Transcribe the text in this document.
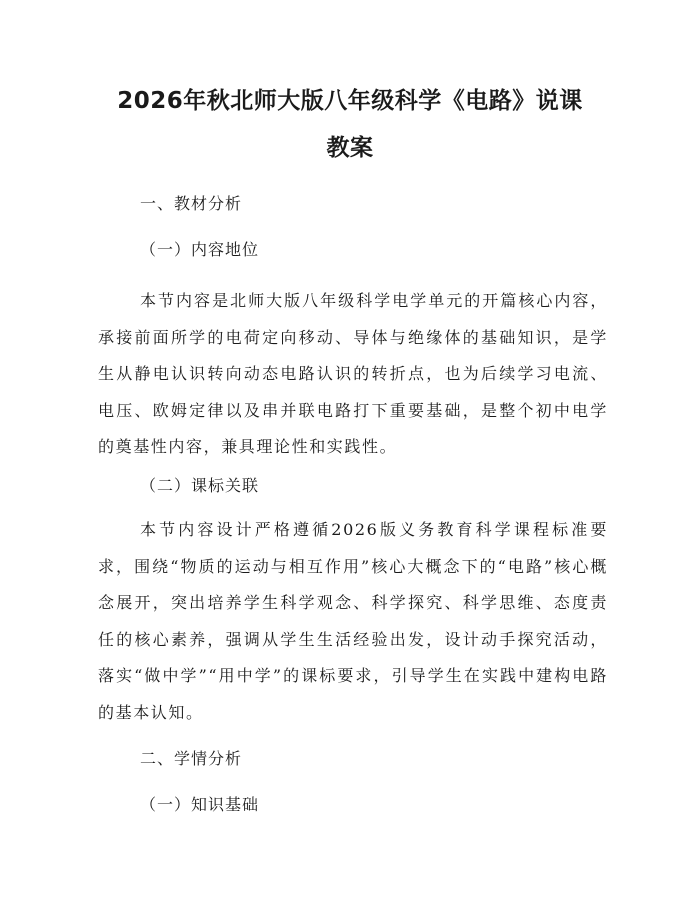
2026年秋北师大版八年级科学《电路》说课
教案
一、教材分析
（一）内容地位
本节内容是北师大版八年级科学电学单元的开篇核心内容，承接前面所学的电荷定向移动、导体与绝缘体的基础知识，是学生从静电认识转向动态电路认识的转折点，也为后续学习电流、电压、欧姆定律以及串并联电路打下重要基础，是整个初中电学的奠基性内容，兼具理论性和实践性。
（二）课标关联
本节内容设计严格遵循2026版义务教育科学课程标准要求，围绕“物质的运动与相互作用”核心大概念下的“电路”核心概念展开，突出培养学生科学观念、科学探究、科学思维、态度责任的核心素养，强调从学生生活经验出发，设计动手探究活动，落实“做中学”“用中学”的课标要求，引导学生在实践中建构电路的基本认知。
二、学情分析
（一）知识基础
